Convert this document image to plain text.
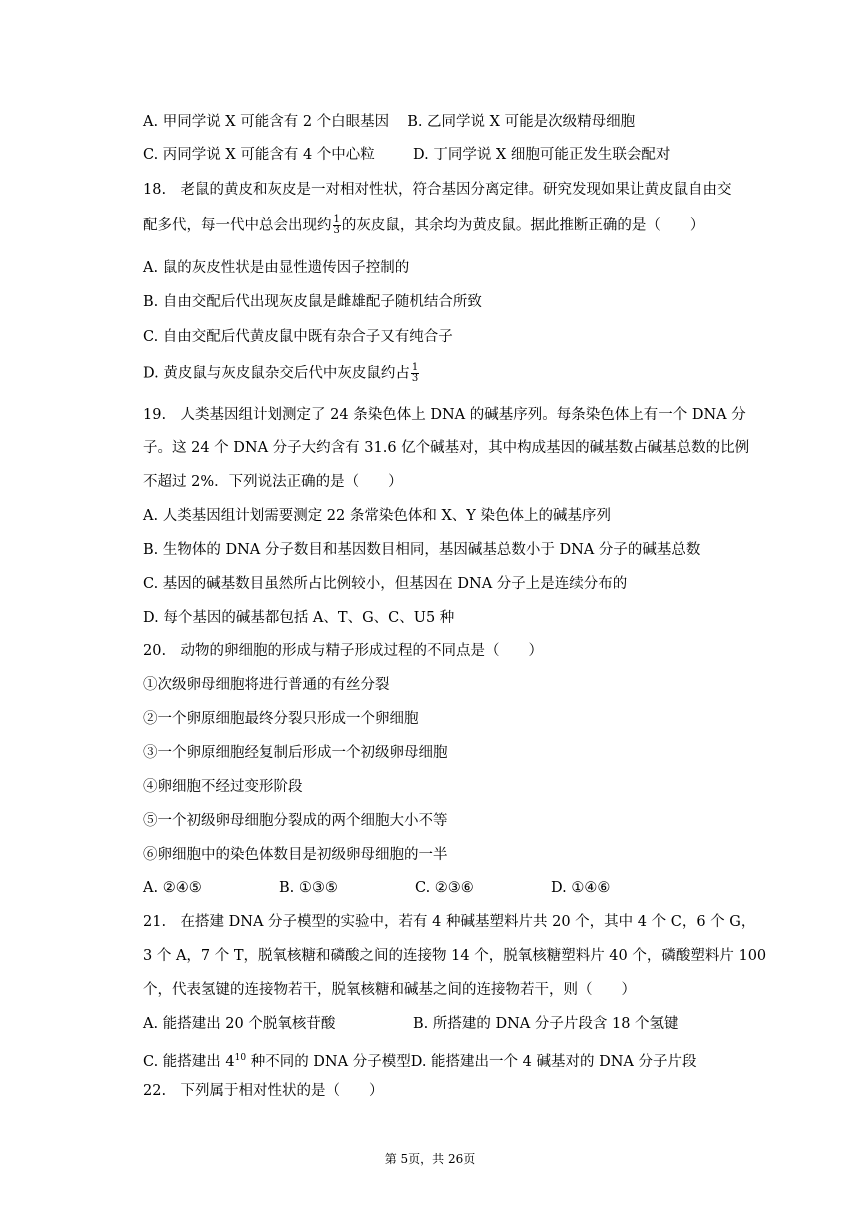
A. 甲同学说 X 可能含有 2 个白眼基因 B. 乙同学说 X 可能是次级精母细胞
C. 丙同学说 X 可能含有 4 个中心粒	D. 丁同学说 X 细胞可能正发生联会配对
18.　老鼠的黄皮和灰皮是一对相对性状，符合基因分离定律。研究发现如果让黄皮鼠自由交
配多代，每一代中总会出现约 $\frac{1}{3}$ 的灰皮鼠，其余均为黄皮鼠。据此推断正确的是（　　）
A. 鼠的灰皮性状是由显性遗传因子控制的
B. 自由交配后代出现灰皮鼠是雌雄配子随机结合所致
C. 自由交配后代黄皮鼠中既有杂合子又有纯合子
D. 黄皮鼠与灰皮鼠杂交后代中灰皮鼠约占 $\frac{1}{3}$
19.　人类基因组计划测定了 24 条染色体上 DNA 的碱基序列。每条染色体上有一个 DNA 分
子。这 24 个 DNA 分子大约含有 31.6 亿个碱基对，其中构成基因的碱基数占碱基总数的比例
不超过 2%．下列说法正确的是（　　）
A. 人类基因组计划需要测定 22 条常染色体和 X、Y 染色体上的碱基序列
B. 生物体的 DNA 分子数目和基因数目相同，基因碱基总数小于 DNA 分子的碱基总数
C. 基因的碱基数目虽然所占比例较小，但基因在 DNA 分子上是连续分布的
D. 每个基因的碱基都包括 A、T、G、C、U5 种
20.　动物的卵细胞的形成与精子形成过程的不同点是（　　）
①次级卵母细胞将进行普通的有丝分裂
②一个卵原细胞最终分裂只形成一个卵细胞
③一个卵原细胞经复制后形成一个初级卵母细胞
④卵细胞不经过变形阶段
⑤一个初级卵母细胞分裂成的两个细胞大小不等
⑥卵细胞中的染色体数目是初级卵母细胞的一半
A. ②④⑤	B. ①③⑤	C. ②③⑥	D. ①④⑥
21.　在搭建 DNA 分子模型的实验中，若有 4 种碱基塑料片共 20 个，其中 4 个 C，6 个 G，
3 个 A，7 个 T，脱氧核糖和磷酸之间的连接物 14 个，脱氧核糖塑料片 40 个，磷酸塑料片 100
个，代表氢键的连接物若干，脱氧核糖和碱基之间的连接物若干，则（　　）
A. 能搭建出 20 个脱氧核苷酸	B. 所搭建的 DNA 分子片段含 18 个氢键
C. 能搭建出 $4^{10}$ 种不同的 DNA 分子模型D. 能搭建出一个 4 碱基对的 DNA 分子片段
22.　下列属于相对性状的是（　　）
第 5页，共 26页
